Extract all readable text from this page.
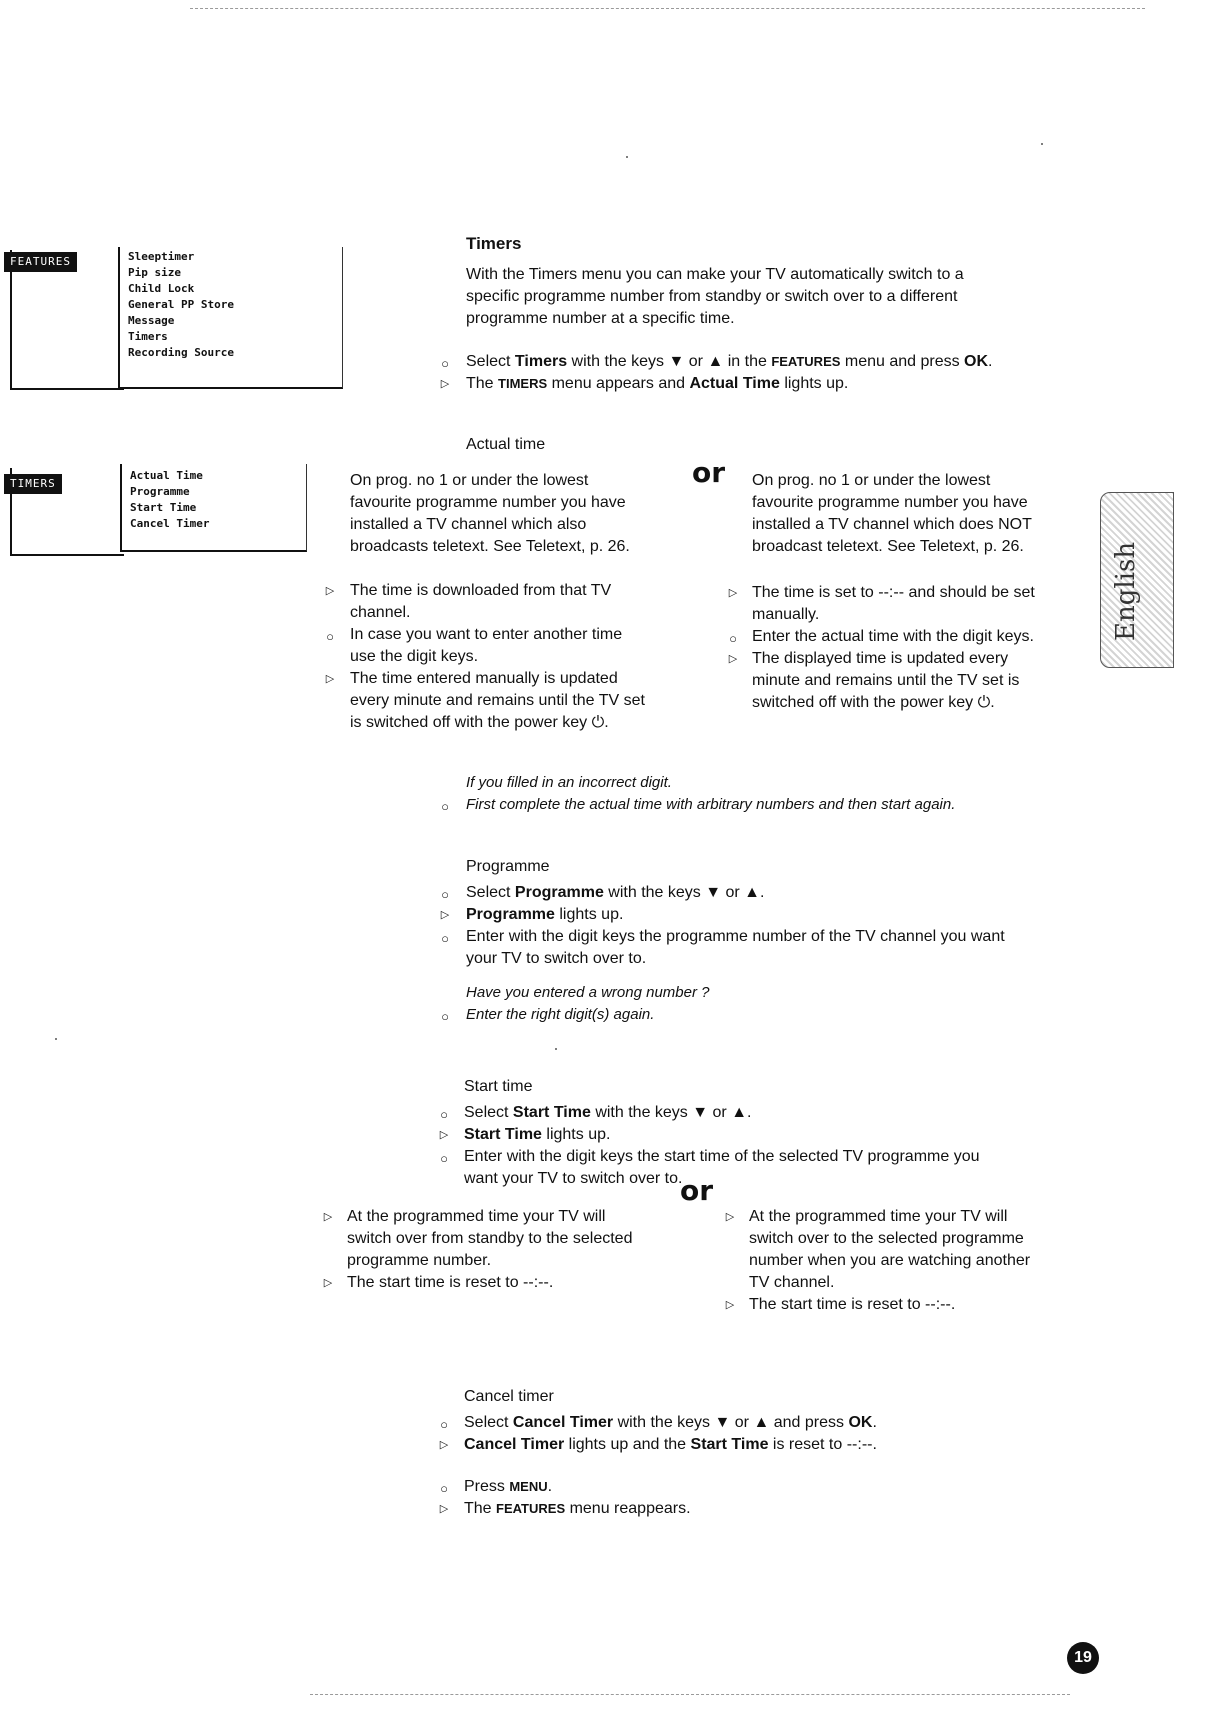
FEATURES	Sleeptimer
Pip size
Child Lock
General PP Store
Message
Timers
Recording Source
TIMERS
Actual Time
Programme
Start Time
Cancel Timer
Timers
With the Timers menu you can make your TV automatically switch to a
specific programme number from standby or switch over to a different
programme number at a specific time.
○	Select Timers with the keys ▼ or ▲ in the FEATURES menu and press OK.
▷	The TIMERS menu appears and Actual Time lights up.
Actual time
or
On prog. no 1 or under the lowest
favourite programme number you have
installed a TV channel which also
broadcasts teletext. See Teletext, p. 26.
On prog. no 1 or under the lowest
favourite programme number you have
installed a TV channel which does NOT
broadcast teletext. See Teletext, p. 26.
▷ The time is downloaded from that TV
channel.
○	In case you want to enter another time
use the digit keys.
▷ The time entered manually is updated
every minute and remains until the TV set
is switched off with the power key ⏻.
▷ The time is set to --:-- and should be set
manually.
○ Enter the actual time with the digit keys.
▷ The displayed time is updated every
minute and remains until the TV set is
switched off with the power key ⏻.
If you filled in an incorrect digit.
○	First complete the actual time with arbitrary numbers and then start again.
Programme
○	Select Programme with the keys ▼ or ▲.
▷	Programme lights up.
○	Enter with the digit keys the programme number of the TV channel you want
your TV to switch over to.
Have you entered a wrong number ?
○	Enter the right digit(s) again.
Start time
○	Select Start Time with the keys ▼ or ▲.
▷ Start Time lights up.
○	Enter with the digit keys the start time of the selected TV programme you
want your TV to switch over to.
or
▷ At the programmed time your TV will
switch over from standby to the selected
programme number.
▷ The start time is reset to --:--.
▷ At the programmed time your TV will
switch over to the selected programme
number when you are watching another
TV channel.
▷ The start time is reset to --:--.
Cancel timer
○	Select Cancel Timer with the keys ▼ or ▲ and press OK.
▷ Cancel Timer lights up and the Start Time is reset to --:--.
○	Press MENU.
▷ The FEATURES menu reappears.
English
19
